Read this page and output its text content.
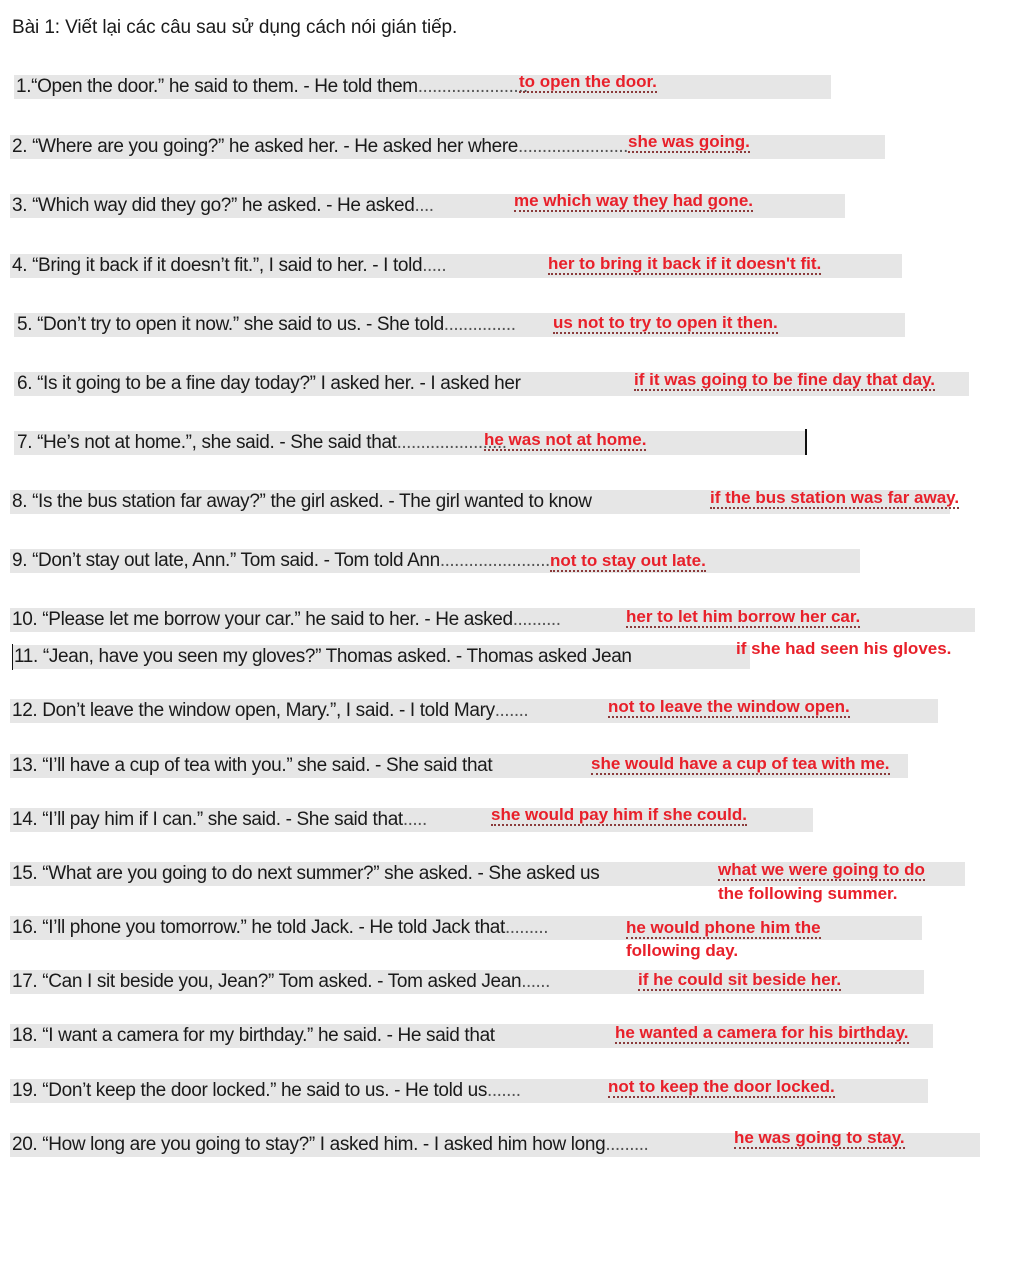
Bài 1: Viết lại các câu sau sử dụng cách nói gián tiếp.
1.“Open the door.” he said to them. - He told them.......................
to open the door.
2. “Where are you going?” he asked her. - He asked her where....................... she was going.
3. “Which way did they go?” he asked. - He asked....	me which way they had gone.
4. “Bring it back if it doesn’t fit.”, I said to her. - I told.....	her to bring it back if it doesn't fit.
5. “Don’t try to open it now.” she said to us. - She told............... us not to try to open it then.
6. “Is it going to be a fine day today?” I asked her. - I asked her	if it was going to be fine day that day.
7. “He’s not at home.”, she said. - She said that.......................
he was not at home.
8. “Is the bus station far away?” the girl asked. - The girl wanted to know	if the bus station was far away.
9. “Don’t stay out late, Ann.” Tom said. - Tom told Ann....................... not to stay out late.
10. “Please let me borrow your car.” he said to her. - He asked..........	her to let him borrow her car.
11. “Jean, have you seen my gloves?” Thomas asked. - Thomas asked Jean	if she had seen his gloves.
12. Don’t leave the window open, Mary.”, I said. - I told Mary.......	not to leave the window open.
13. “I’ll have a cup of tea with you.” she said. - She said that	she would have a cup of tea with me.
14. “I’ll pay him if I can.” she said. - She said that.....	she would pay him if she could.
15. “What are you going to do next summer?” she asked. - She asked us	what we were going to do
the following summer.
16. “I’ll phone you tomorrow.” he told Jack. - He told Jack that.........	he would phone him the
following day.
17. “Can I sit beside you, Jean?” Tom asked. - Tom asked Jean......	if he could sit beside her.
18. “I want a camera for my birthday.” he said. - He said that	he wanted a camera for his birthday.
19. “Don’t keep the door locked.” he said to us. - He told us.......	not to keep the door locked.
20. “How long are you going to stay?” I asked him. - I asked him how long.........	he was going to stay.
